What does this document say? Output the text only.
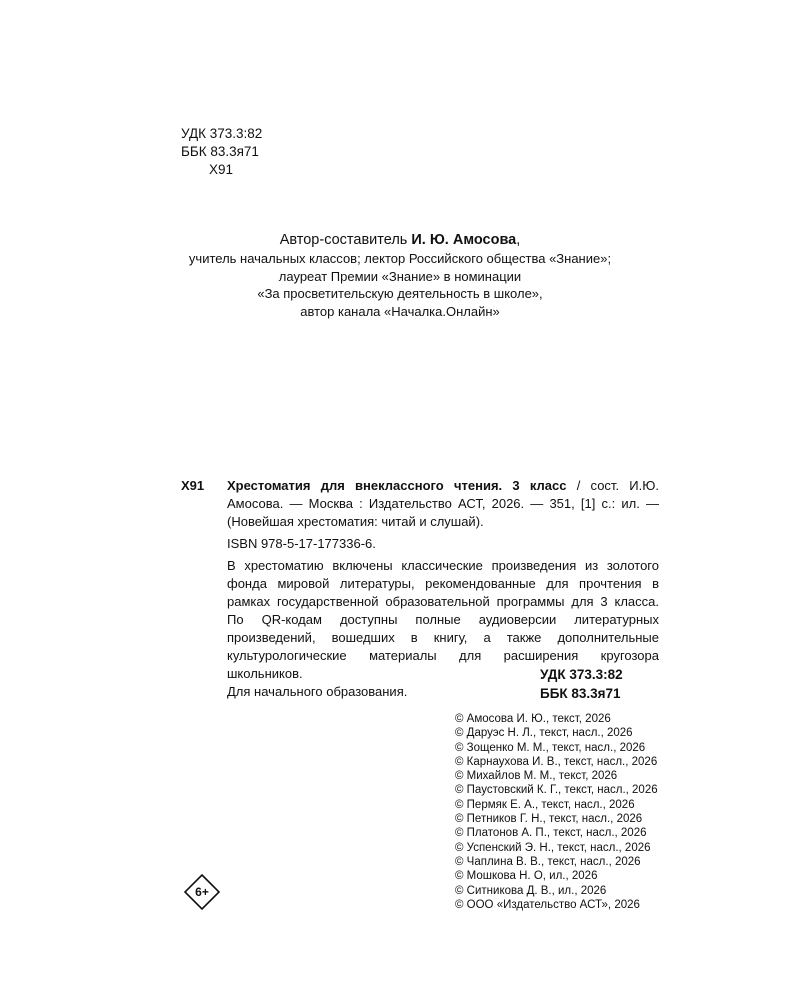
УДК 373.3:82
ББК 83.3я71
Х91
Автор-составитель И. Ю. Амосова,
учитель начальных классов; лектор Российского общества «Знание»;
лауреат Премии «Знание» в номинации
«За просветительскую деятельность в школе»,
автор канала «Началка.Онлайн»

Х91 Хрестоматия для внеклассного чтения. 3 класс / сост. И.Ю. Амосова. — Москва : Издательство АСТ, 2026. — 351, [1] с.: ил. — (Новейшая хрестоматия: читай и слушай).

ISBN 978-5-17-177336-6.

В хрестоматию включены классические произведения из золотого фонда мировой литературы, рекомендованные для прочтения в рамках государственной образовательной программы для 3 класса. По QR-кодам доступны полные аудиоверсии литературных произведений, вошедших в книгу, а также дополнительные культурологические материалы для расширения кругозора школьников.

Для начального образования.

УДК 373.3:82
ББК 83.3я71
© Амосова И. Ю., текст, 2026
© Даруэс Н. Л., текст, насл., 2026
© Зощенко М. М., текст, насл., 2026
© Карнаухова И. В., текст, насл., 2026
© Михайлов М. М., текст, 2026
© Паустовский К. Г., текст, насл., 2026
© Пермяк Е. А., текст, насл., 2026
© Петников Г. Н., текст, насл., 2026
© Платонов А. П., текст, насл., 2026
© Успенский Э. Н., текст, насл., 2026
© Чаплина В. В., текст, насл., 2026
© Мошкова Н. О, ил., 2026
© Ситникова Д. В., ил., 2026
© ООО «Издательство АСТ», 2026
6+
